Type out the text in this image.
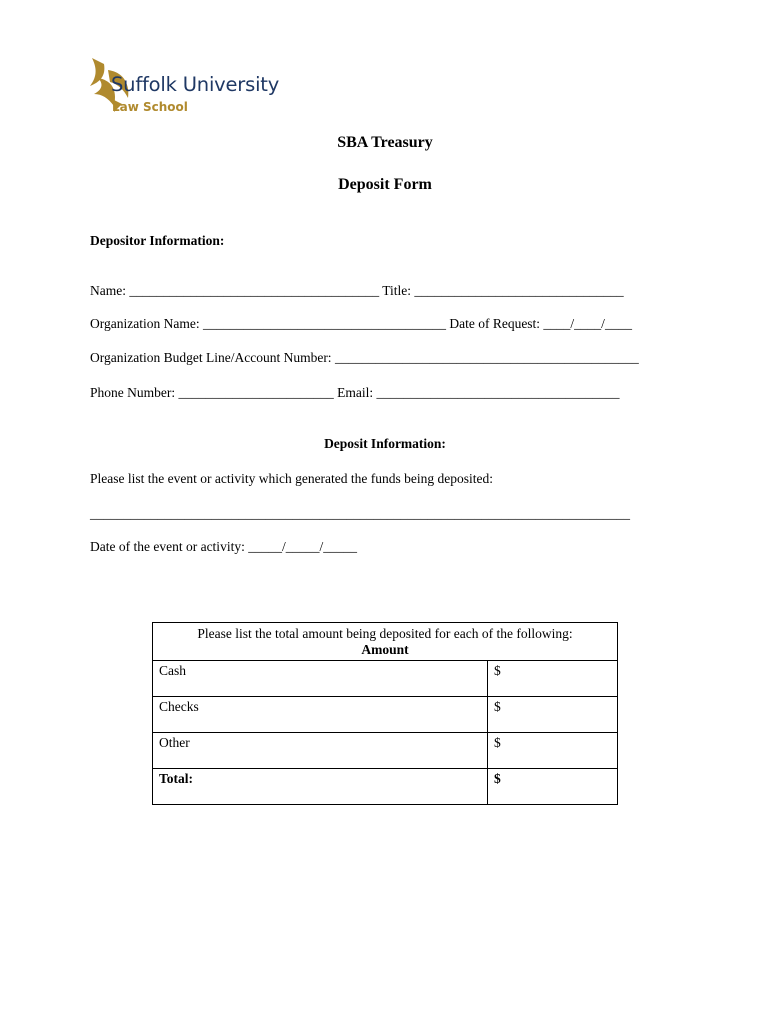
Suffolk University
Law School
SBA Treasury
Deposit Form
Depositor Information:
Name: _____________________________________ Title: _______________________________
Organization Name: ____________________________________ Date of Request: ____/____/____
Organization Budget Line/Account Number: _____________________________________________
Phone Number: _______________________ Email: ____________________________________
Deposit Information:
Please list the event or activity which generated the funds being deposited:
________________________________________________________________________________
Date of the event or activity: _____/_____/_____
Please list the total amount being deposited for each of the following:
Amount	

Cash	$
Checks	$
Other	$
Total:	$
